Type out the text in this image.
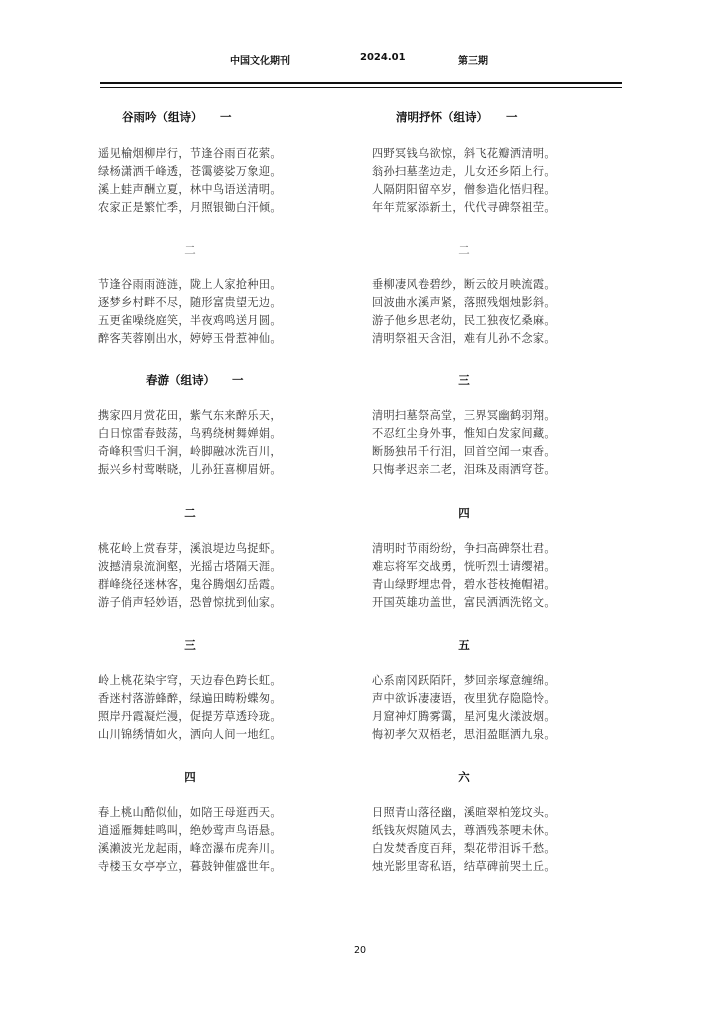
中国文化期刊	2024.01	第三期
谷雨吟（组诗） 一
遥见榆烟柳岸行，节逢谷雨百花萦。
绿杨潇洒千峰透，苍霭婆娑万象迎。
溪上蛙声酬立夏，林中鸟语送清明。
农家正是繁忙季，月照银锄白汗倾。
二
节逢谷雨雨涟涟，陇上人家抢种田。
逐梦乡村畔不尽，随形富贵望无边。
五更雀噪绕庭笑，半夜鸡鸣送月圆。
醉客芙蓉刚出水，婷婷玉骨惹神仙。
春游（组诗） 一
携家四月赏花田，紫气东来醉乐天，
白日惊雷春鼓荡，鸟鸦绕树舞婵娟。
奇峰积雪归千涧，岭脚融冰洗百川，
振兴乡村莺啭晓，儿孙狂喜柳眉妍。
二
桃花岭上赏春芽，溪浪堤边鸟捉虾。
波撼清泉流涧壑，光摇古塔隔天涯。
群峰绕径迷林客，鬼谷腾烟幻岳霞。
游子俏声轻妙语，恐曾惊扰到仙家。
三
岭上桃花染宇穹，天边春色跨长虹。
香迷村落游蜂醉，绿遍田畴粉蝶匆。
照岸丹霞凝烂漫，促提芳草透玲珑。
山川锦绣情如火，洒向人间一地红。
四
春上桃山酷似仙，如陪王母逛西天。
逍遥雁舞蛙鸣叫，绝妙莺声鸟语悬。
溪濑波光龙起雨，峰峦瀑布虎奔川。
寺楼玉女亭亭立，暮鼓钟催盛世年。
清明抒怀（组诗） 一
四野冥钱乌欲惊，斜飞花瓣洒清明。
翁孙扫墓垄边走，儿女还乡陌上行。
人隔阴阳留卒岁，僧参造化悟归程。
年年荒冢添新土，代代寻碑祭祖茔。
二
垂柳凄风卷碧纱，断云皎月映流霞。
回波曲水溪声紧，落照残烟烛影斜。
游子他乡思老幼，民工独夜忆桑麻。
清明祭祖天含泪，难有儿孙不念家。
三
清明扫墓祭高堂，三界冥幽鹤羽翔。
不忍红尘身外事，惟知白发家间藏。
断肠独吊千行泪，回首空闻一束香。
只悔孝迟亲二老，泪珠及雨洒穹苍。
四
清明时节雨纷纷，争扫高碑祭壮君。
难忘将军交战勇，恍听烈士请缨裙。
青山绿野埋忠骨，碧水苍枝掩帽裙。
开国英雄功盖世，富民洒洒洗铭文。
五
心系南冈跃陌阡，梦回亲塚意缠绵。
声中欲诉凄凄语，夜里犹存隐隐怜。
月窟神灯腾雾霭，星河鬼火漾波烟。
悔初孝欠双梧老，思泪盈眶洒九泉。
六
日照青山落径幽，溪暄翠柏笼坟头。
纸钱灰烬随风去，尊酒残茶哽未休。
白发焚香度百拜，梨花带泪诉千愁。
烛光影里寄私语，结草碑前哭土丘。
20
